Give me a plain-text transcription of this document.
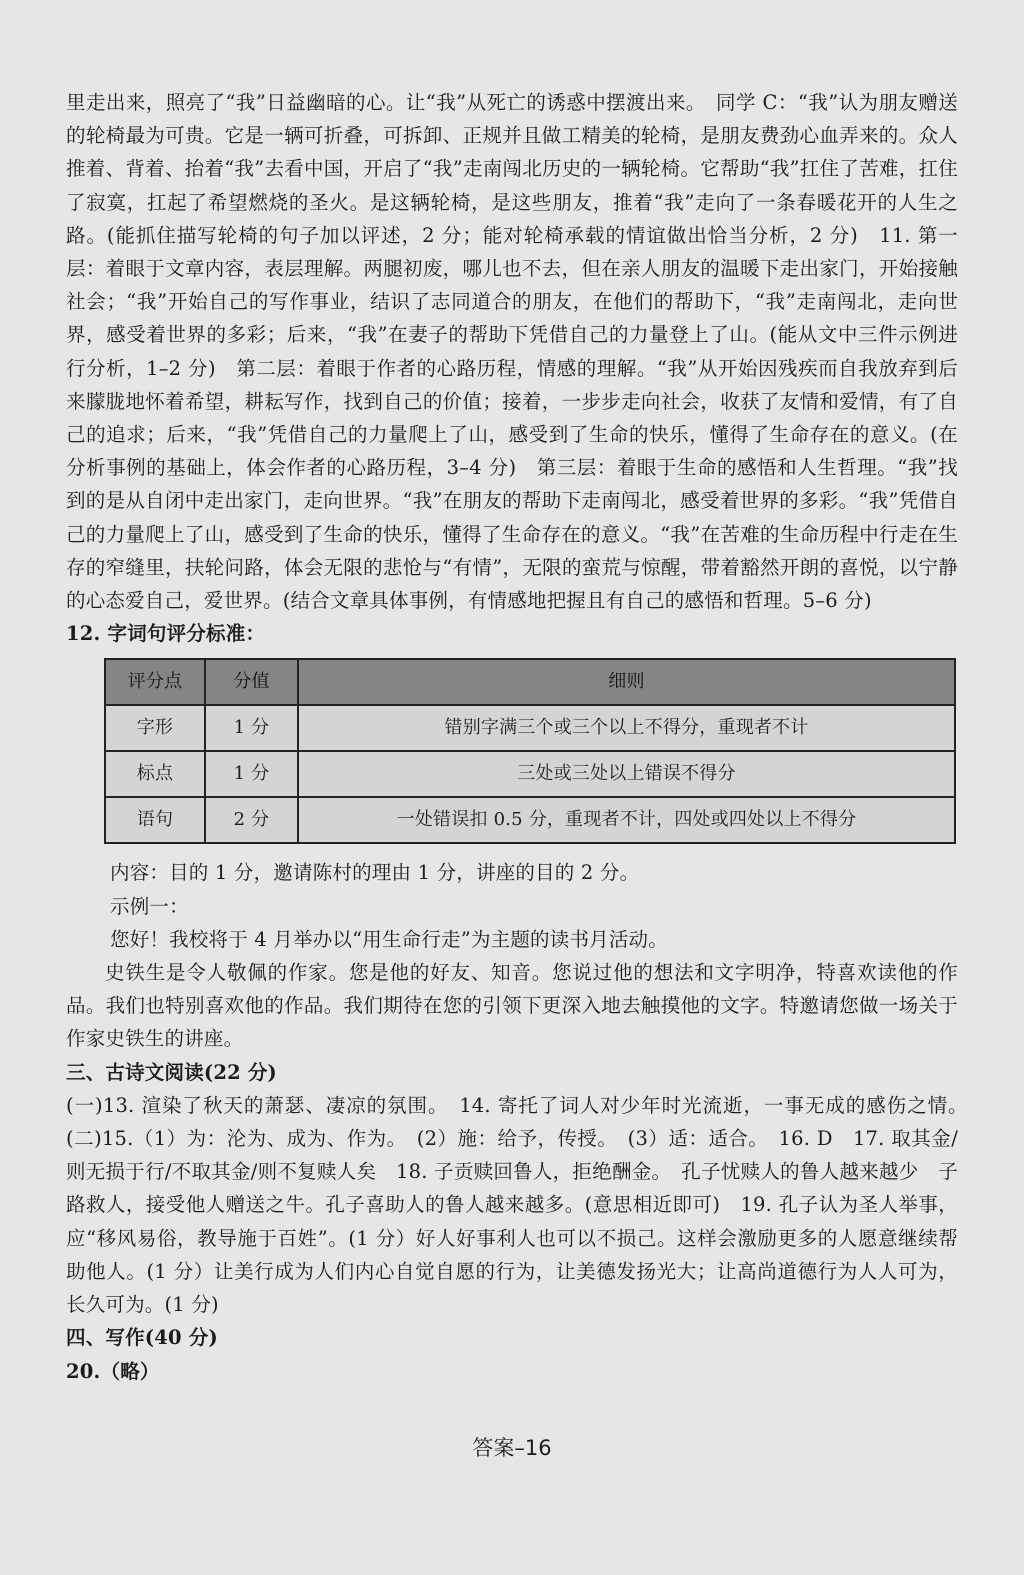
里走出来，照亮了“我”日益幽暗的心。让“我”从死亡的诱惑中摆渡出来。　同学 C：“我”认为朋友赠送的轮椅最为可贵。它是一辆可折叠，可拆卸、正规并且做工精美的轮椅，是朋友费劲心血弄来的。众人推着、背着、抬着“我”去看中国，开启了“我”走南闯北历史的一辆轮椅。它帮助“我”扛住了苦难，扛住了寂寞，扛起了希望燃烧的圣火。是这辆轮椅，是这些朋友，推着“我”走向了一条春暖花开的人生之路。(能抓住描写轮椅的句子加以评述，2 分；能对轮椅承载的情谊做出恰当分析，2 分)　11. 第一层：着眼于文章内容，表层理解。两腿初废，哪儿也不去，但在亲人朋友的温暖下走出家门，开始接触社会；“我”开始自己的写作事业，结识了志同道合的朋友，在他们的帮助下，“我”走南闯北，走向世界，感受着世界的多彩；后来，“我”在妻子的帮助下凭借自己的力量登上了山。(能从文中三件示例进行分析，1–2 分)　第二层：着眼于作者的心路历程，情感的理解。“我”从开始因残疾而自我放弃到后来朦胧地怀着希望，耕耘写作，找到自己的价值；接着，一步步走向社会，收获了友情和爱情，有了自己的追求；后来，“我”凭借自己的力量爬上了山，感受到了生命的快乐，懂得了生命存在的意义。(在分析事例的基础上，体会作者的心路历程，3–4 分)　第三层：着眼于生命的感悟和人生哲理。“我”找到的是从自闭中走出家门，走向世界。“我”在朋友的帮助下走南闯北，感受着世界的多彩。“我”凭借自己的力量爬上了山，感受到了生命的快乐，懂得了生命存在的意义。“我”在苦难的生命历程中行走在生存的窄缝里，扶轮问路，体会无限的悲怆与“有情”，无限的蛮荒与惊醒，带着豁然开朗的喜悦，以宁静的心态爱自己，爱世界。(结合文章具体事例，有情感地把握且有自己的感悟和哲理。5–6 分)

12. 字词句评分标准：

评分点	分值	细则
字形	1 分	错别字满三个或三个以上不得分，重现者不计
标点	1 分	三处或三处以上错误不得分
语句	2 分	一处错误扣 0.5 分，重现者不计，四处或四处以上不得分

内容：目的 1 分，邀请陈村的理由 1 分，讲座的目的 2 分。

示例一：

您好！我校将于 4 月举办以“用生命行走”为主题的读书月活动。

史铁生是令人敬佩的作家。您是他的好友、知音。您说过他的想法和文字明净，特喜欢读他的作品。我们也特别喜欢他的作品。我们期待在您的引领下更深入地去触摸他的文字。特邀请您做一场关于作家史铁生的讲座。

三、古诗文阅读(22 分)

(一)13. 渲染了秋天的萧瑟、凄凉的氛围。　14. 寄托了词人对少年时光流逝，一事无成的感伤之情。　(二)15.（1）为：沦为、成为、作为。　(2）施：给予，传授。　(3）适：适合。　16. D　17. 取其金/则无损于行/不取其金/则不复赎人矣　18. 子贡赎回鲁人，拒绝酬金。　孔子忧赎人的鲁人越来越少　子路救人，接受他人赠送之牛。孔子喜助人的鲁人越来越多。(意思相近即可)　19. 孔子认为圣人举事，应“移风易俗，教导施于百姓”。(1 分）好人好事利人也可以不损己。这样会激励更多的人愿意继续帮助他人。(1 分）让美行成为人们内心自觉自愿的行为，让美德发扬光大；让高尚道德行为人人可为，长久可为。(1 分)

四、写作(40 分)

20.（略）

答案–16
